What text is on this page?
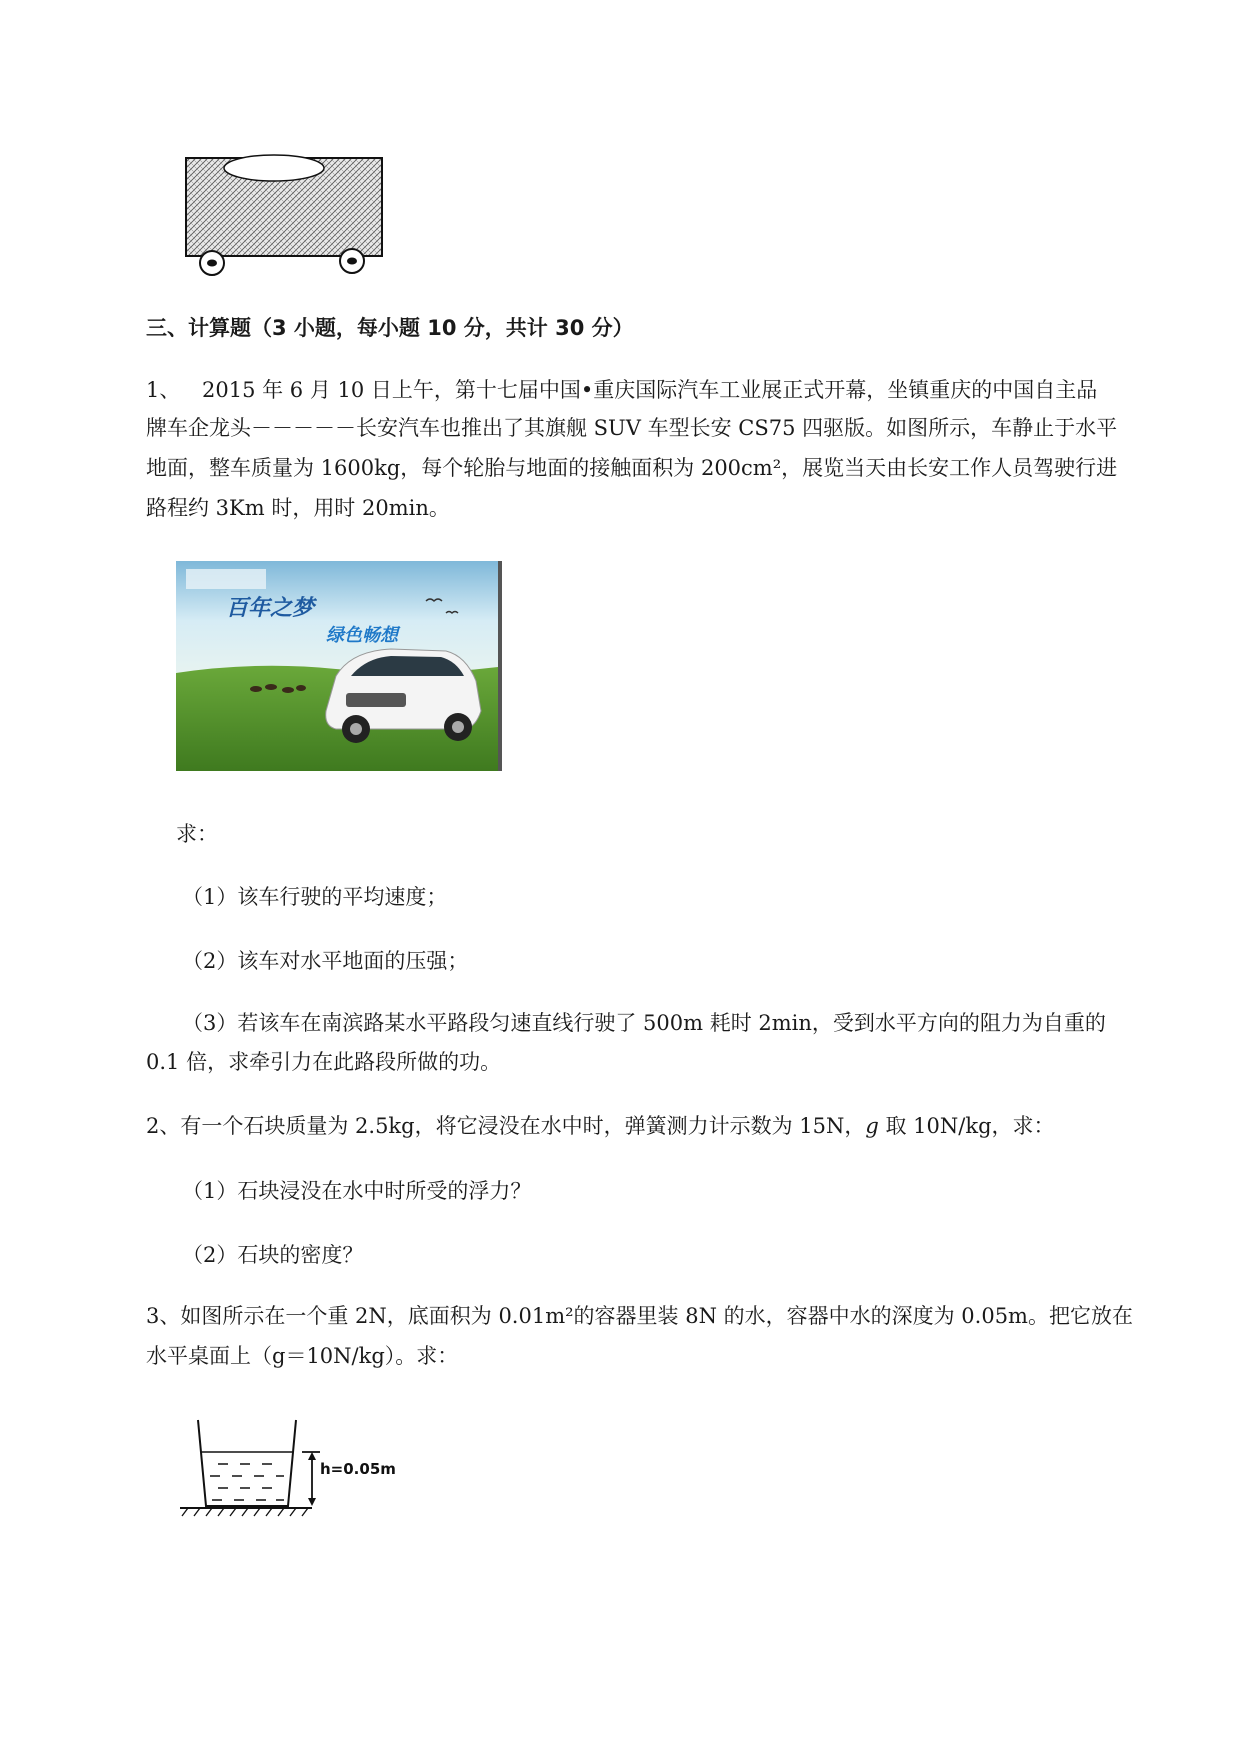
三、计算题（3 小题，每小题 10 分，共计 30 分）
1、 2015 年 6 月 10 日上午，第十七届中国•重庆国际汽车工业展正式开幕，坐镇重庆的中国自主品
牌车企龙头－－－－－长安汽车也推出了其旗舰 SUV 车型长安 CS75 四驱版。如图所示，车静止于水平
地面，整车质量为 1600kg，每个轮胎与地面的接触面积为 200cm²，展览当天由长安工作人员驾驶行进
路程约 3Km 时，用时 20min。
百年之梦
绿色畅想
求：
（1）该车行驶的平均速度；
（2）该车对水平地面的压强；
（3）若该车在南滨路某水平路段匀速直线行驶了 500m 耗时 2min，受到水平方向的阻力为自重的
0.1 倍，求牵引力在此路段所做的功。
2、有一个石块质量为 2.5kg，将它浸没在水中时，弹簧测力计示数为 15N，g 取 10N/kg，求：
（1）石块浸没在水中时所受的浮力？
（2）石块的密度？
3、如图所示在一个重 2N，底面积为 0.01m²的容器里装 8N 的水，容器中水的深度为 0.05m。把它放在
水平桌面上（g＝10N/kg）。求：
h=0.05m
